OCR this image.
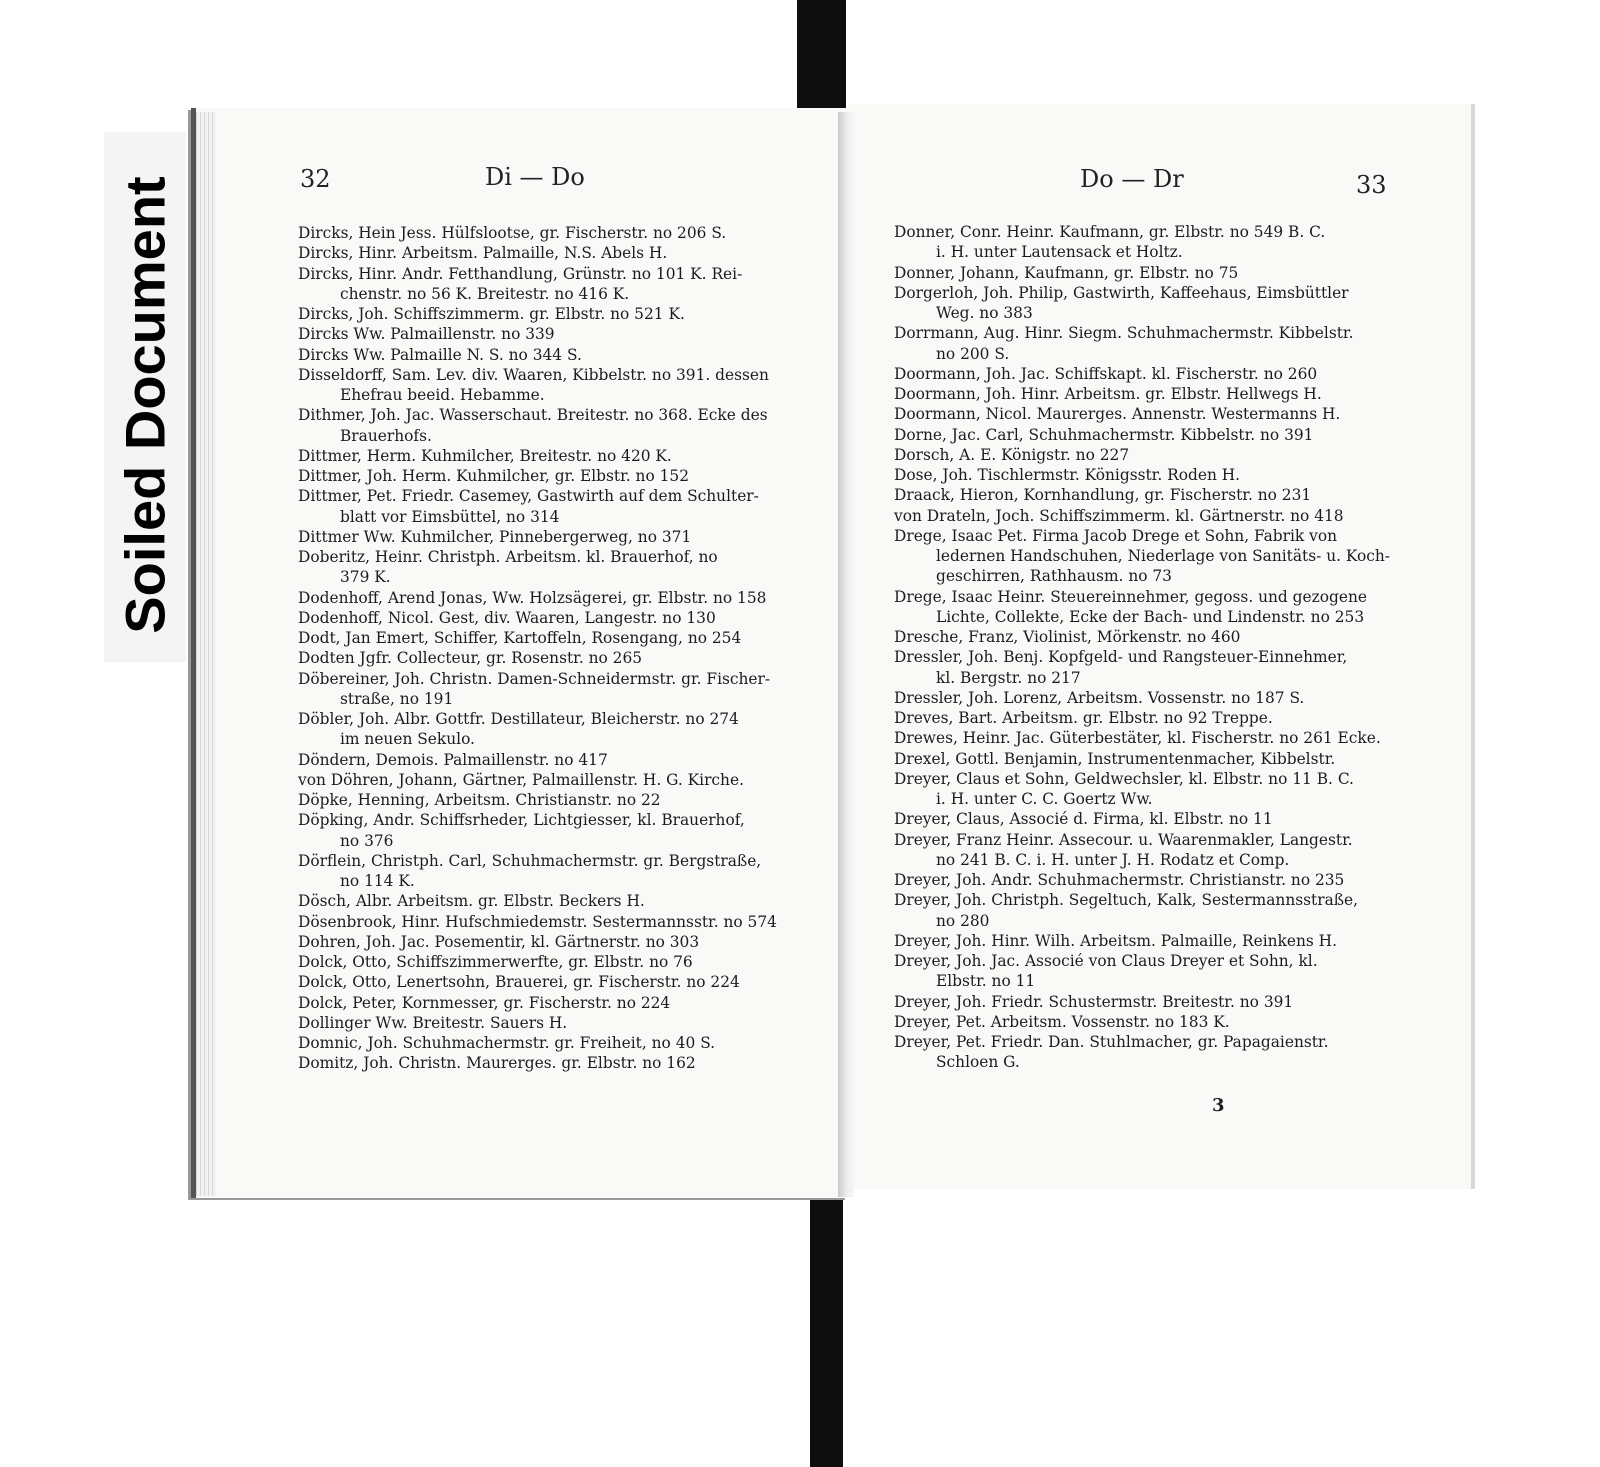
Soiled Document	32	Di — Do	Do — Dr	33
Dircks, Hein Jess. Hülfslootse, gr. Fischerstr. no 206 S.
Dircks, Hinr. Arbeitsm. Palmaille, N.S. Abels H.
Dircks, Hinr. Andr. Fetthandlung, Grünstr. no 101 K. Rei-
chenstr. no 56 K. Breitestr. no 416 K.
Dircks, Joh. Schiffszimmerm. gr. Elbstr. no 521 K.
Dircks Ww. Palmaillenstr. no 339
Dircks Ww. Palmaille N. S. no 344 S.
Disseldorff, Sam. Lev. div. Waaren, Kibbelstr. no 391. dessen
Ehefrau beeid. Hebamme.
Dithmer, Joh. Jac. Wasserschaut. Breitestr. no 368. Ecke des
Brauerhofs.
Dittmer, Herm. Kuhmilcher, Breitestr. no 420 K.
Dittmer, Joh. Herm. Kuhmilcher, gr. Elbstr. no 152
Dittmer, Pet. Friedr. Casemey, Gastwirth auf dem Schulter-
blatt vor Eimsbüttel, no 314
Dittmer Ww. Kuhmilcher, Pinnebergerweg, no 371
Doberitz, Heinr. Christph. Arbeitsm. kl. Brauerhof, no
379 K.
Dodenhoff, Arend Jonas, Ww. Holzsägerei, gr. Elbstr. no 158
Dodenhoff, Nicol. Gest, div. Waaren, Langestr. no 130
Dodt, Jan Emert, Schiffer, Kartoffeln, Rosengang, no 254
Dodten Jgfr. Collecteur, gr. Rosenstr. no 265
Döbereiner, Joh. Christn. Damen-Schneidermstr. gr. Fischer-
straße, no 191
Döbler, Joh. Albr. Gottfr. Destillateur, Bleicherstr. no 274
im neuen Sekulo.
Döndern, Demois. Palmaillenstr. no 417
von Döhren, Johann, Gärtner, Palmaillenstr. H. G. Kirche.
Döpke, Henning, Arbeitsm. Christianstr. no 22
Döpking, Andr. Schiffsrheder, Lichtgiesser, kl. Brauerhof,
no 376
Dörflein, Christph. Carl, Schuhmachermstr. gr. Bergstraße,
no 114 K.
Dösch, Albr. Arbeitsm. gr. Elbstr. Beckers H.
Dösenbrook, Hinr. Hufschmiedemstr. Sestermannsstr. no 574
Dohren, Joh. Jac. Posementir, kl. Gärtnerstr. no 303
Dolck, Otto, Schiffszimmerwerfte, gr. Elbstr. no 76
Dolck, Otto, Lenertsohn, Brauerei, gr. Fischerstr. no 224
Dolck, Peter, Kornmesser, gr. Fischerstr. no 224
Dollinger Ww. Breitestr. Sauers H.
Domnic, Joh. Schuhmachermstr. gr. Freiheit, no 40 S.
Domitz, Joh. Christn. Maurerges. gr. Elbstr. no 162
Donner, Conr. Heinr. Kaufmann, gr. Elbstr. no 549 B. C.
i. H. unter Lautensack et Holtz.
Donner, Johann, Kaufmann, gr. Elbstr. no 75
Dorgerloh, Joh. Philip, Gastwirth, Kaffeehaus, Eimsbüttler
Weg. no 383
Dorrmann, Aug. Hinr. Siegm. Schuhmachermstr. Kibbelstr.
no 200 S.
Doormann, Joh. Jac. Schiffskapt. kl. Fischerstr. no 260
Doormann, Joh. Hinr. Arbeitsm. gr. Elbstr. Hellwegs H.
Doormann, Nicol. Maurerges. Annenstr. Westermanns H.
Dorne, Jac. Carl, Schuhmachermstr. Kibbelstr. no 391
Dorsch, A. E. Königstr. no 227
Dose, Joh. Tischlermstr. Königsstr. Roden H.
Draack, Hieron, Kornhandlung, gr. Fischerstr. no 231
von Drateln, Joch. Schiffszimmerm. kl. Gärtnerstr. no 418
Drege, Isaac Pet. Firma Jacob Drege et Sohn, Fabrik von
ledernen Handschuhen, Niederlage von Sanitäts- u. Koch-
geschirren, Rathhausm. no 73
Drege, Isaac Heinr. Steuereinnehmer, gegoss. und gezogene
Lichte, Collekte, Ecke der Bach- und Lindenstr. no 253
Dresche, Franz, Violinist, Mörkenstr. no 460
Dressler, Joh. Benj. Kopfgeld- und Rangsteuer-Einnehmer,
kl. Bergstr. no 217
Dressler, Joh. Lorenz, Arbeitsm. Vossenstr. no 187 S.
Dreves, Bart. Arbeitsm. gr. Elbstr. no 92 Treppe.
Drewes, Heinr. Jac. Güterbestäter, kl. Fischerstr. no 261 Ecke.
Drexel, Gottl. Benjamin, Instrumentenmacher, Kibbelstr.
Dreyer, Claus et Sohn, Geldwechsler, kl. Elbstr. no 11 B. C.
i. H. unter C. C. Goertz Ww.
Dreyer, Claus, Associé d. Firma, kl. Elbstr. no 11
Dreyer, Franz Heinr. Assecour. u. Waarenmakler, Langestr.
no 241 B. C. i. H. unter J. H. Rodatz et Comp.
Dreyer, Joh. Andr. Schuhmachermstr. Christianstr. no 235
Dreyer, Joh. Christph. Segeltuch, Kalk, Sestermannsstraße,
no 280
Dreyer, Joh. Hinr. Wilh. Arbeitsm. Palmaille, Reinkens H.
Dreyer, Joh. Jac. Associé von Claus Dreyer et Sohn, kl.
Elbstr. no 11
Dreyer, Joh. Friedr. Schustermstr. Breitestr. no 391
Dreyer, Pet. Arbeitsm. Vossenstr. no 183 K.
Dreyer, Pet. Friedr. Dan. Stuhlmacher, gr. Papagaienstr.
Schloen G.
3
